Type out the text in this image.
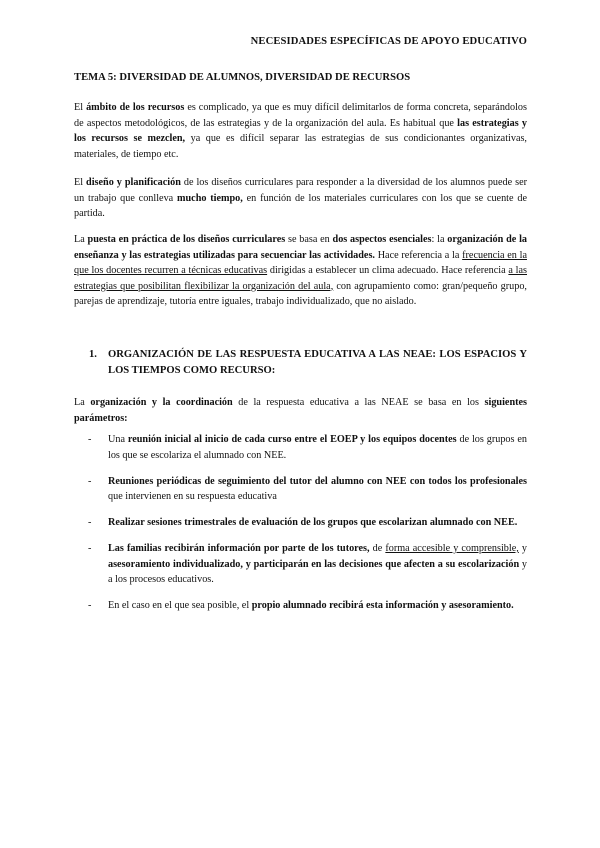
NECESIDADES ESPECÍFICAS DE APOYO EDUCATIVO
TEMA 5: DIVERSIDAD DE ALUMNOS, DIVERSIDAD DE RECURSOS

El ámbito de los recursos es complicado, ya que es muy difícil delimitarlos de forma concreta, separándolos de aspectos metodológicos, de las estrategias y de la organización del aula. Es habitual que las estrategias y los recursos se mezclen, ya que es difícil separar las estrategias de sus condicionantes organizativas, materiales, de tiempo etc.

El diseño y planificación de los diseños curriculares para responder a la diversidad de los alumnos puede ser un trabajo que conlleva mucho tiempo, en función de los materiales curriculares con los que se cuente de partida.

La puesta en práctica de los diseños curriculares se basa en dos aspectos esenciales: la organización de la enseñanza y las estrategias utilizadas para secuenciar las actividades. Hace referencia a la frecuencia en la que los docentes recurren a técnicas educativas dirigidas a establecer un clima adecuado. Hace referencia a las estrategias que posibilitan flexibilizar la organización del aula, con agrupamiento como: gran/pequeño grupo, parejas de aprendizaje, tutoría entre iguales, trabajo individualizado, que no aislado.

1.	ORGANIZACIÓN DE LAS RESPUESTA EDUCATIVA A LAS NEAE: LOS ESPACIOS Y LOS TIEMPOS COMO RECURSO:

La organización y la coordinación de la respuesta educativa a las NEAE se basa en los siguientes parámetros:

- Una reunión inicial al inicio de cada curso entre el EOEP y los equipos docentes de los grupos en los que se escolariza el alumnado con NEE.
- Reuniones periódicas de seguimiento del tutor del alumno con NEE con todos los profesionales que intervienen en su respuesta educativa
- Realizar sesiones trimestrales de evaluación de los grupos que escolarizan alumnado con NEE.
- Las familias recibirán información por parte de los tutores, de forma accesible y comprensible, y asesoramiento individualizado, y participarán en las decisiones que afecten a su escolarización y a los procesos educativos.
- En el caso en el que sea posible, el propio alumnado recibirá esta información y asesoramiento.
